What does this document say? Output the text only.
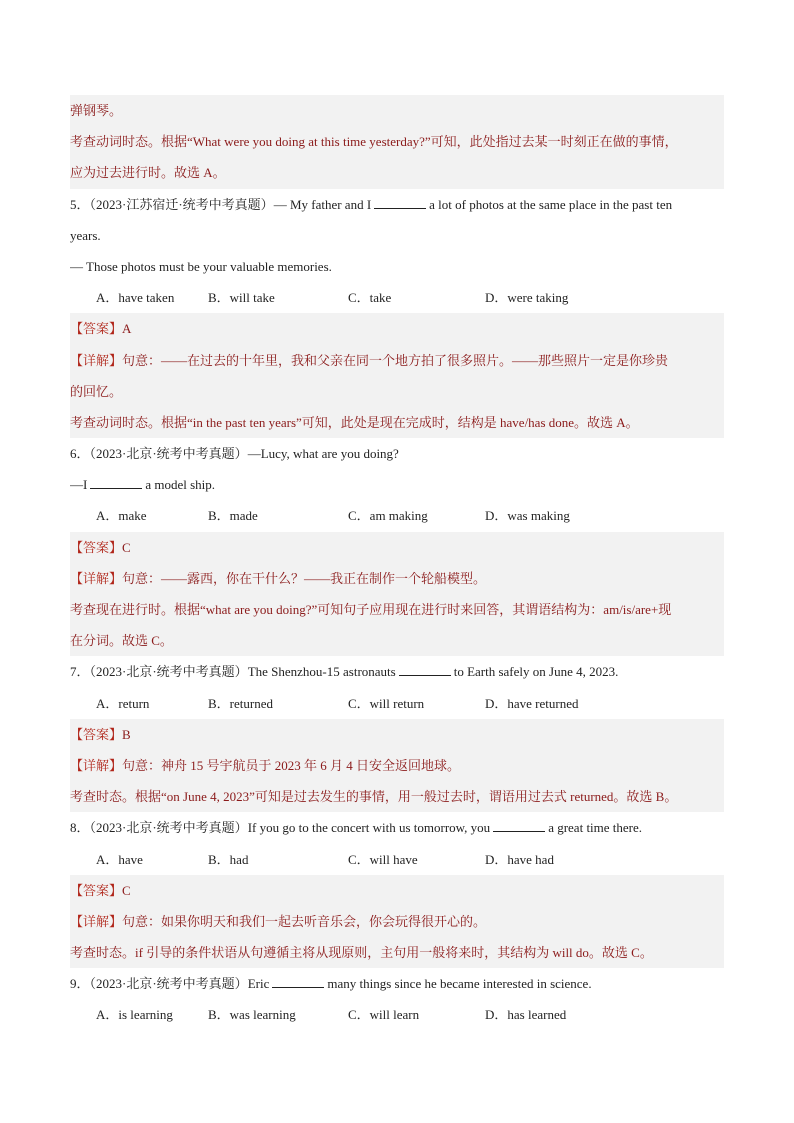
弹钢琴。
考查动词时态。根据“What were you doing at this time yesterday?”可知，此处指过去某一时刻正在做的事情，
应为过去进行时。故选 A。
5．（2023·江苏宿迁·统考中考真题）— My father and I	a lot of photos at the same place in the past ten
years.
— Those photos must be your valuable memories.
A．have taken	B．will take	C．take	D．were taking
【答案】A
【详解】句意：——在过去的十年里，我和父亲在同一个地方拍了很多照片。——那些照片一定是你珍贵
的回忆。
考查动词时态。根据“in the past ten years”可知，此处是现在完成时，结构是 have/has done。故选 A。
6．（2023·北京·统考中考真题）—Lucy, what are you doing?
—I	a model ship.
A．make	B．made	C．am making	D．was making
【答案】C
【详解】句意：——露西，你在干什么？——我正在制作一个轮船模型。
考查现在进行时。根据“what are you doing?”可知句子应用现在进行时来回答，其谓语结构为：am/is/are+现
在分词。故选 C。
7．（2023·北京·统考中考真题）The Shenzhou-15 astronauts	to Earth safely on June 4, 2023.
A．return	B．returned	C．will return	D．have returned
【答案】B
【详解】句意：神舟 15 号宇航员于 2023 年 6 月 4 日安全返回地球。
考查时态。根据“on June 4, 2023”可知是过去发生的事情，用一般过去时，谓语用过去式 returned。故选 B。
8．（2023·北京·统考中考真题）If you go to the concert with us tomorrow, you	a great time there.
A．have	B．had	C．will have	D．have had
【答案】C
【详解】句意：如果你明天和我们一起去听音乐会，你会玩得很开心的。
考查时态。if 引导的条件状语从句遵循主将从现原则，主句用一般将来时，其结构为 will do。故选 C。
9．（2023·北京·统考中考真题）Eric	many things since he became interested in science.
A．is learning	B．was learning	C．will learn	D．has learned
